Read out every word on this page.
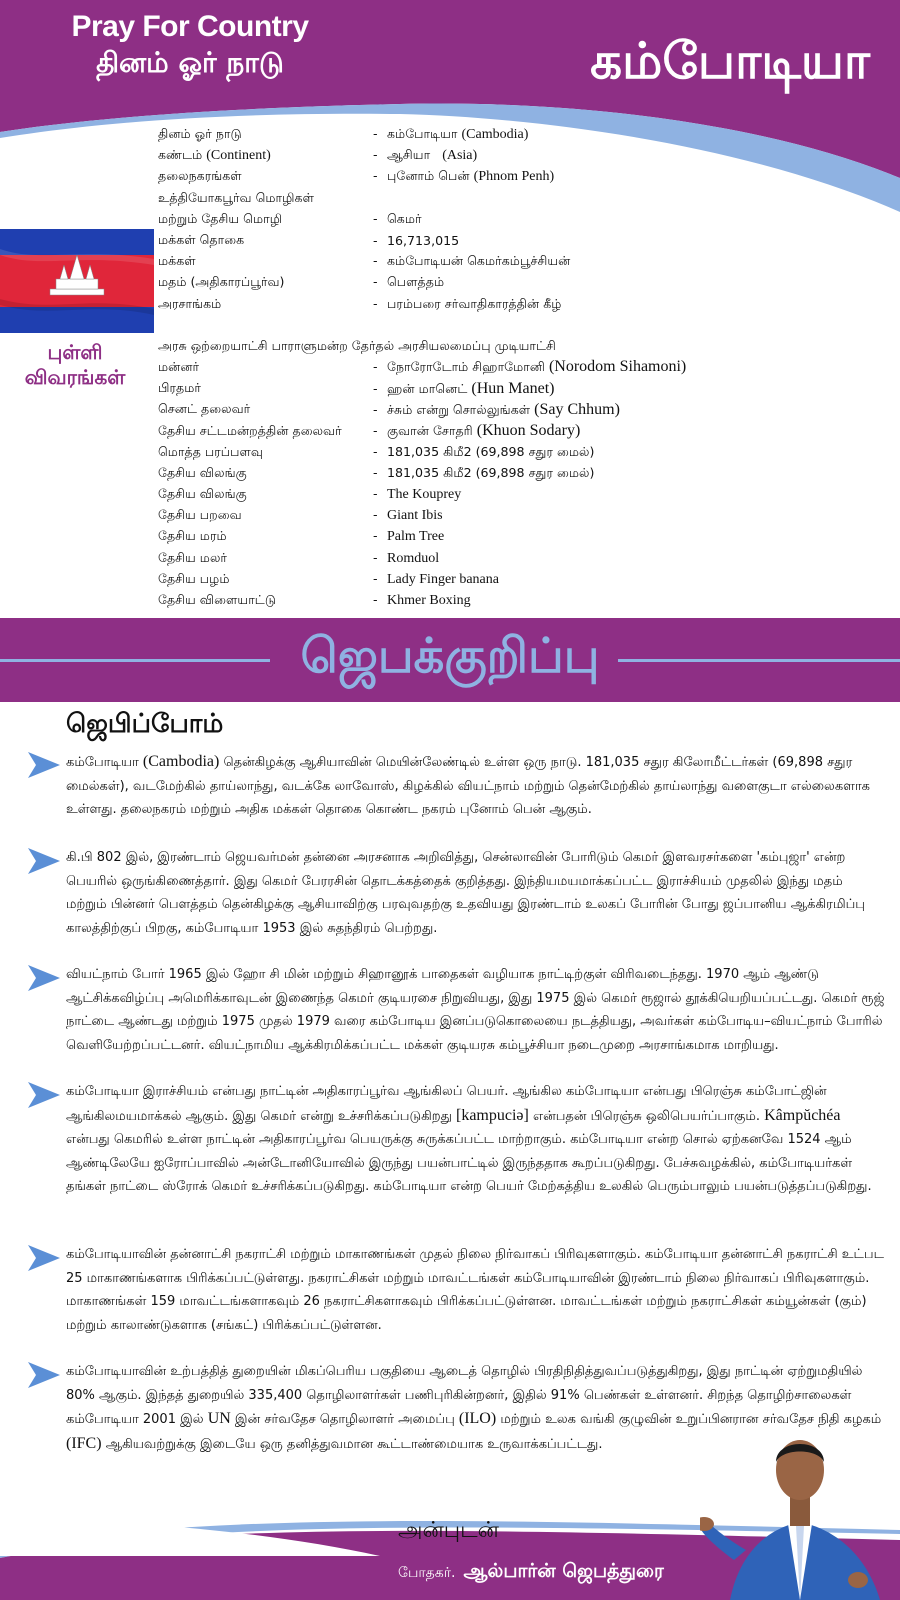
Pray For Country
தினம் ஓர் நாடு	கம்போடியா
புள்ளி
விவரங்கள்
தினம் ஓர் நாடு	- கம்போடியா (Cambodia)
கண்டம் (Continent)	- ஆசியா (Asia)
தலைநகரங்கள்	- புனோம் பென் (Phnom Penh)
உத்தியோகபூர்வ மொழிகள்
மற்றும் தேசிய மொழி	- கெமர்
மக்கள் தொகை	- 16,713,015
மக்கள்	- கம்போடியன் கெமர்கம்பூச்சியன்
மதம் (அதிகாரப்பூர்வ)	- பௌத்தம்
அரசாங்கம்	- பரம்பரை சர்வாதிகாரத்தின் கீழ்
அரசு ஒற்றையாட்சி பாராளுமன்ற தேர்தல் அரசியலமைப்பு முடியாட்சி
மன்னர்	- நோரோடோம் சிஹாமோனி (Norodom Sihamoni)
பிரதமர்	- ஹன் மானெட் (Hun Manet)
செனட் தலைவர்	- ச்சும் என்று சொல்லுங்கள் (Say Chhum)
தேசிய சட்டமன்றத்தின் தலைவர்	- குவான் சோதரி (Khuon Sodary)
மொத்த பரப்பளவு	- 181,035 கிமீ2 (69,898 சதுர மைல்)
தேசிய விலங்கு	- 181,035 கிமீ2 (69,898 சதுர மைல்)
தேசிய விலங்கு	- The Kouprey
தேசிய பறவை	- Giant Ibis
தேசிய மரம்	- Palm Tree
தேசிய மலர்	- Romduol
தேசிய பழம்	- Lady Finger banana
தேசிய விளையாட்டு	- Khmer Boxing
ஜெபக்குறிப்பு
ஜெபிப்போம்
கம்போடியா (Cambodia) தென்கிழக்கு ஆசியாவின் மெயின்லேண்டில் உள்ள ஒரு நாடு. 181,035 சதுர கிலோமீட்டர்கள் (69,898 சதுர மைல்கள்), வடமேற்கில் தாய்லாந்து, வடக்கே லாவோஸ், கிழக்கில் வியட்நாம் மற்றும் தென்மேற்கில் தாய்லாந்து வளைகுடா எல்லைகளாக உள்ளது. தலைநகரம் மற்றும் அதிக மக்கள் தொகை கொண்ட நகரம் புனோம் பென் ஆகும்.
கி.பி 802 இல், இரண்டாம் ஜெயவர்மன் தன்னை அரசனாக அறிவித்து, சென்லாவின் போரிடும் கெமர் இளவரசர்களை 'கம்புஜா' என்ற பெயரில் ஒருங்கிணைத்தார். இது கெமர் பேரரசின் தொடக்கத்தைக் குறித்தது. இந்தியமயமாக்கப்பட்ட இராச்சியம் முதலில் இந்து மதம் மற்றும் பின்னர் பௌத்தம் தென்கிழக்கு ஆசியாவிற்கு பரவுவதற்கு உதவியது இரண்டாம் உலகப் போரின் போது ஜப்பானிய ஆக்கிரமிப்பு காலத்திற்குப் பிறகு, கம்போடியா 1953 இல் சுதந்திரம் பெற்றது.
வியட்நாம் போர் 1965 இல் ஹோ சி மின் மற்றும் சிஹானூக் பாதைகள் வழியாக நாட்டிற்குள் விரிவடைந்தது. 1970 ஆம் ஆண்டு ஆட்சிக்கவிழ்ப்பு அமெரிக்காவுடன் இணைந்த கெமர் குடியரசை நிறுவியது, இது 1975 இல் கெமர் ரூஜால் தூக்கியெறியப்பட்டது. கெமர் ரூஜ் நாட்டை ஆண்டது மற்றும் 1975 முதல் 1979 வரை கம்போடிய இனப்படுகொலையை நடத்தியது, அவர்கள் கம்போடிய–வியட்நாம் போரில் வெளியேற்றப்பட்டனர். வியட்நாமிய ஆக்கிரமிக்கப்பட்ட மக்கள் குடியரசு கம்பூச்சியா நடைமுறை அரசாங்கமாக மாறியது.
கம்போடியா இராச்சியம் என்பது நாட்டின் அதிகாரப்பூர்வ ஆங்கிலப் பெயர். ஆங்கில கம்போடியா என்பது பிரெஞ்சு கம்போட்ஜின் ஆங்கிலமயமாக்கல் ஆகும். இது கெமர் என்று உச்சரிக்கப்படுகிறது [kampuciə] என்பதன் பிரெஞ்சு ஒலிபெயர்ப்பாகும். Kâmpŭchéa என்பது கெமரில் உள்ள நாட்டின் அதிகாரப்பூர்வ பெயருக்கு சுருக்கப்பட்ட மாற்றாகும். கம்போடியா என்ற சொல் ஏற்கனவே 1524 ஆம் ஆண்டிலேயே ஐரோப்பாவில் அன்டோனியோவில் இருந்து பயன்பாட்டில் இருந்ததாக கூறப்படுகிறது. பேச்சுவழக்கில், கம்போடியர்கள் தங்கள் நாட்டை ஸ்ரோக் கெமர் உச்சரிக்கப்படுகிறது. கம்போடியா என்ற பெயர் மேற்கத்திய உலகில் பெரும்பாலும் பயன்படுத்தப்படுகிறது.
கம்போடியாவின் தன்னாட்சி நகராட்சி மற்றும் மாகாணங்கள் முதல் நிலை நிர்வாகப் பிரிவுகளாகும். கம்போடியா தன்னாட்சி நகராட்சி உட்பட 25 மாகாணங்களாக பிரிக்கப்பட்டுள்ளது. நகராட்சிகள் மற்றும் மாவட்டங்கள் கம்போடியாவின் இரண்டாம் நிலை நிர்வாகப் பிரிவுகளாகும். மாகாணங்கள் 159 மாவட்டங்களாகவும் 26 நகராட்சிகளாகவும் பிரிக்கப்பட்டுள்ளன. மாவட்டங்கள் மற்றும் நகராட்சிகள் கம்யூன்கள் (கும்) மற்றும் காலாண்டுகளாக (சங்கட்) பிரிக்கப்பட்டுள்ளன.
கம்போடியாவின் உற்பத்தித் துறையின் மிகப்பெரிய பகுதியை ஆடைத் தொழில் பிரதிநிதித்துவப்படுத்துகிறது, இது நாட்டின் ஏற்றுமதியில் 80% ஆகும். இந்தத் துறையில் 335,400 தொழிலாளர்கள் பணிபுரிகின்றனர், இதில் 91% பெண்கள் உள்ளனர். சிறந்த தொழிற்சாலைகள் கம்போடியா 2001 இல் UN இன் சர்வதேச தொழிலாளர் அமைப்பு (ILO) மற்றும் உலக வங்கி குழுவின் உறுப்பினரான சர்வதேச நிதி கழகம் (IFC) ஆகியவற்றுக்கு இடையே ஒரு தனித்துவமான கூட்டாண்மையாக உருவாக்கப்பட்டது.
அன்புடன்
போதகர். ஆல்பார்ன் ஜெபத்துரை
